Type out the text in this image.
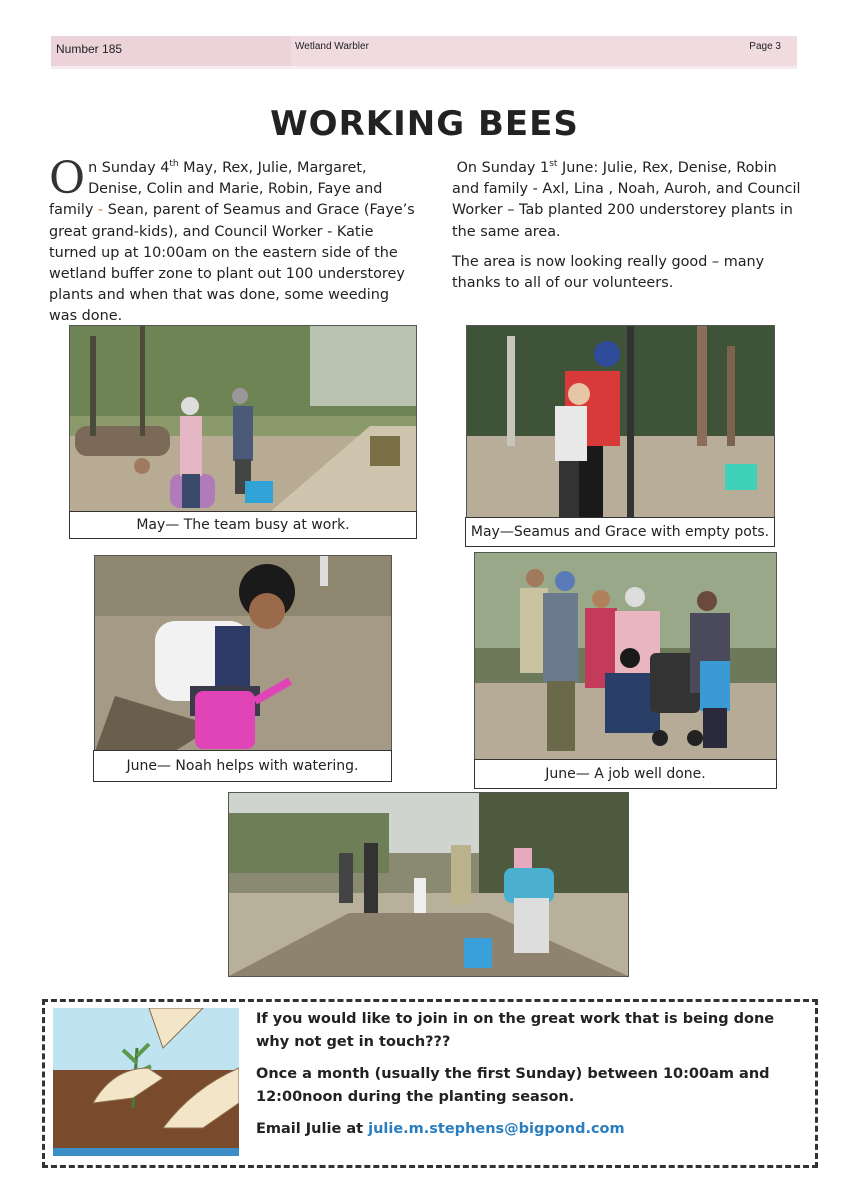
Number 185	Wetland Warbler	Page 3
WORKING BEES

On Sunday 4th May, Rex, Julie, Margaret, Denise, Colin and Marie, Robin, Faye and family - Sean, parent of Seamus and Grace (Faye’s great grand-kids), and Council Worker - Katie turned up at 10:00am on the eastern side of the wetland buffer zone to plant out 100 understorey plants and when that was done, some weeding was done.

On Sunday 1st June: Julie, Rex, Denise, Robin and family - Axl, Lina , Noah, Auroh, and Council Worker – Tab planted 200 understorey plants in the same area.

The area is now looking really good – many thanks to all of our volunteers.

May— The team busy at work.	May—Seamus and Grace with empty pots.
June— Noah helps with watering.	June— A job well done.

If you would like to join in on the great work that is being done why not get in touch???

Once a month (usually the first Sunday) between 10:00am and 12:00noon during the planting season.

Email Julie at julie.m.stephens@bigpond.com
